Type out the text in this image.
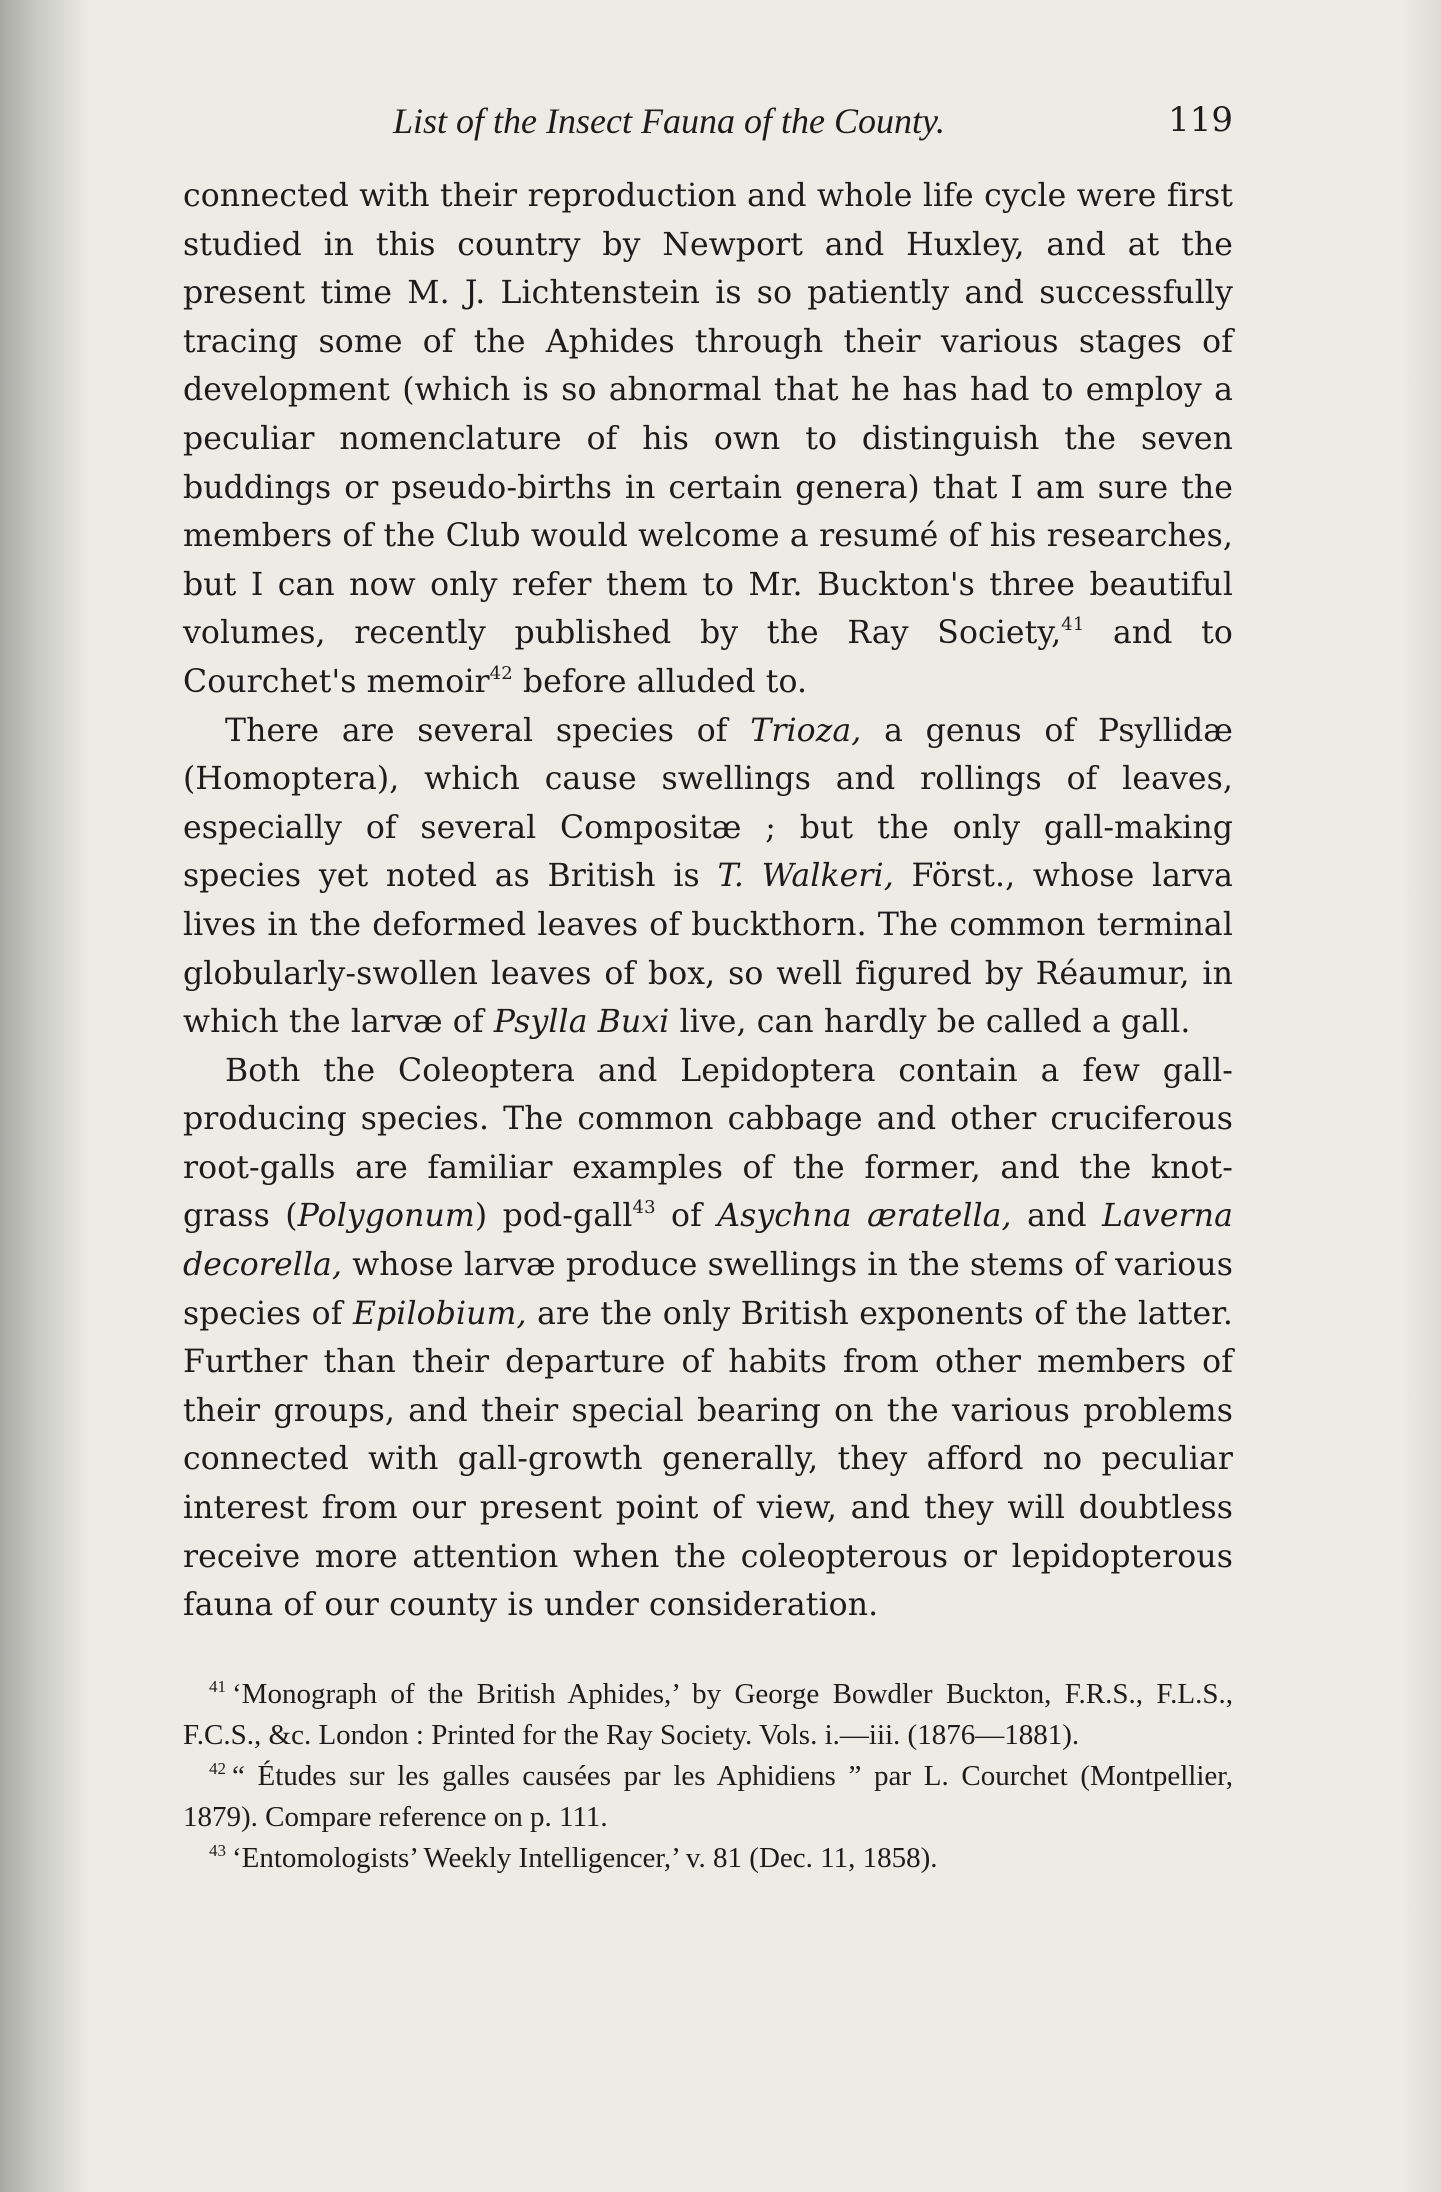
List of the Insect Fauna of the County.	119

connected with their reproduction and whole life cycle were first studied in this country by Newport and Huxley, and at the present time M. J. Lichtenstein is so patiently and successfully tracing some of the Aphides through their various stages of development (which is so abnormal that he has had to employ a peculiar nomenclature of his own to distinguish the seven buddings or pseudo-births in certain genera) that I am sure the members of the Club would welcome a resumé of his researches, but I can now only refer them to Mr. Buckton's three beautiful volumes, recently published by the Ray Society,$^{41}$ and to Courchet's memoir$^{42}$ before alluded to.

There are several species of Trioza, a genus of Psyllidæ (Homoptera), which cause swellings and rollings of leaves, especially of several Compositæ ; but the only gall-making species yet noted as British is T. Walkeri, Först., whose larva lives in the deformed leaves of buckthorn. The common terminal globularly-swollen leaves of box, so well figured by Réaumur, in which the larvæ of Psylla Buxi live, can hardly be called a gall.

Both the Coleoptera and Lepidoptera contain a few gall-producing species. The common cabbage and other cruciferous root-galls are familiar examples of the former, and the knot-grass (Polygonum) pod-gall$^{43}$ of Asychna æratella, and Laverna decorella, whose larvæ produce swellings in the stems of various species of Epilobium, are the only British exponents of the latter. Further than their departure of habits from other members of their groups, and their special bearing on the various problems connected with gall-growth generally, they afford no peculiar interest from our present point of view, and they will doubtless receive more attention when the coleopterous or lepidopterous fauna of our county is under consideration.

$^{41}$ ‘Monograph of the British Aphides,’ by George Bowdler Buckton, F.R.S., F.L.S., F.C.S., &c. London : Printed for the Ray Society. Vols. i.—iii. (1876—1881).

$^{42}$ “ Études sur les galles causées par les Aphidiens ” par L. Courchet (Montpellier, 1879). Compare reference on p. 111.

$^{43}$ ‘Entomologists’ Weekly Intelligencer,’ v. 81 (Dec. 11, 1858).
